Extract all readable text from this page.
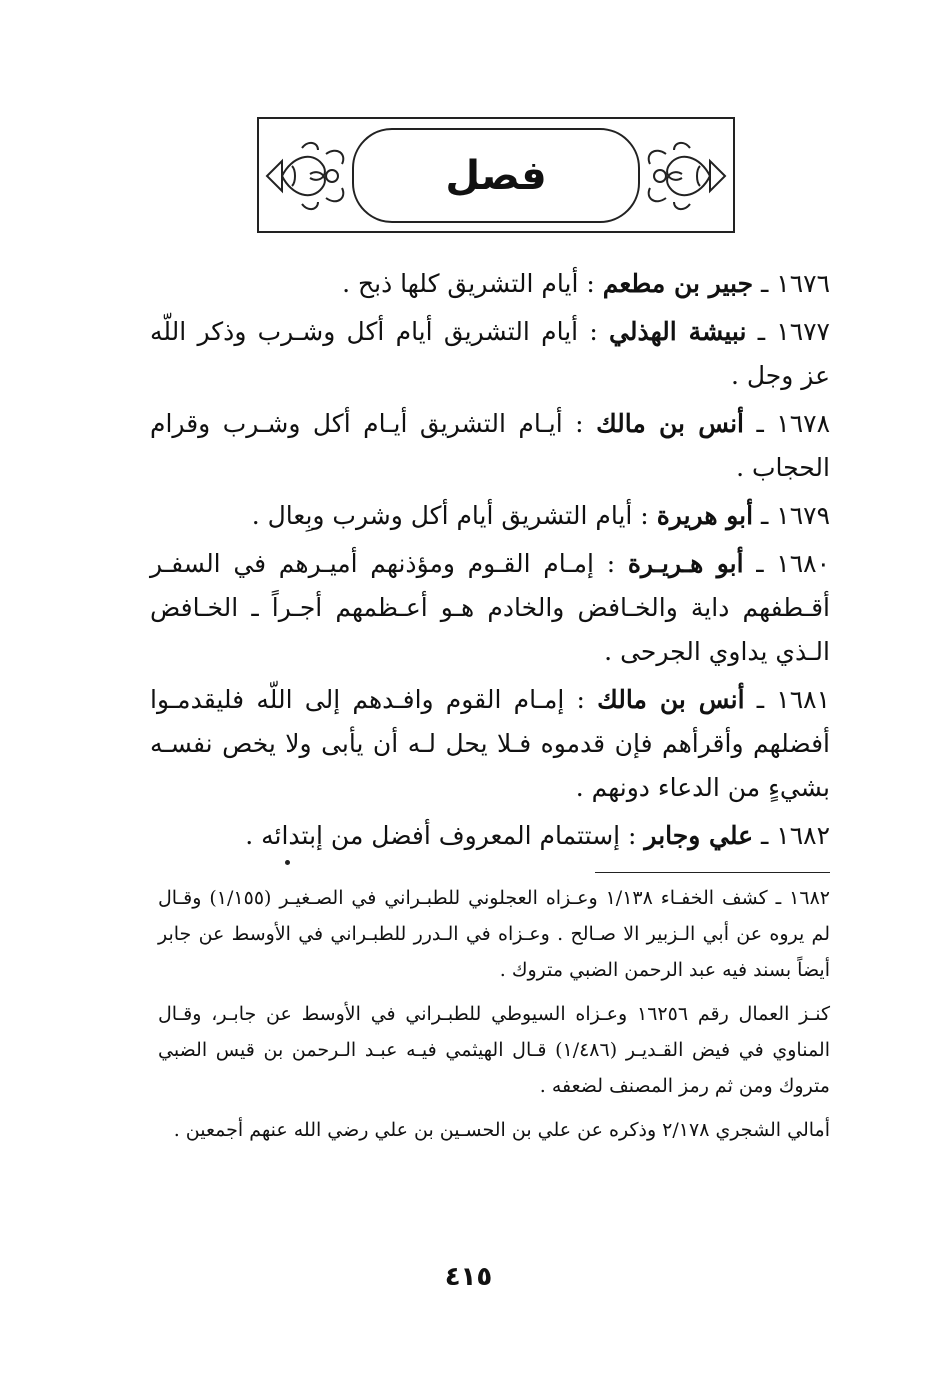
فصل

١٦٧٦ ـ جبير بن مطعم : أيام التشريق كلها ذبح .

١٦٧٧ ـ نبيشة الهذلي : أيام التشريق أيام أكل وشـرب وذكر اللّه عز وجل .

١٦٧٨ ـ أنس بن مالك : أيـام التشريق أيـام أكل وشـرب وقرام الحجاب .

١٦٧٩ ـ أبو هريرة : أيام التشريق أيام أكل وشرب وبِعال .

١٦٨٠ ـ أبو هـريـرة : إمـام القـوم ومؤذنهم أميـرهم في السفـر أقـطفهم داية والخـافض والخادم هـو أعـظمهم أجـراً ـ الخـافض الـذي يداوي الجرحى .

١٦٨١ ـ أنس بن مالك : إمـام القوم وافـدهم إلى اللّه فليقدمـوا أفضلهم وأقرأهم فإن قدموه فـلا يحل لـه أن يأبى ولا يخص نفسـه بشيءٍ من الدعاء دونهم .

١٦٨٢ ـ علي وجابر : إستتمام المعروف أفضل من إبتدائه .

١٦٨٢ ـ كشف الخفـاء ١/١٣٨ وعـزاه العجلوني للطبـراني في الصـغيـر (١/١٥٥) وقـال لم يروه عن أبي الـزبير الا صـالح . وعـزاه في الـدرر للطبـراني في الأوسط عن جابر أيضاً بسند فيه عبد الرحمن الضبي متروك .

كنـز العمال رقم ١٦٢٥٦ وعـزاه السيوطي للطبـراني في الأوسط عن جابـر، وقـال المناوي في فيض القـديـر (١/٤٨٦) قـال الهيثمي فيـه عبـد الـرحمن بن قيس الضبي متروك ومن ثم رمز المصنف لضعفه .

أمالي الشجري ٢/١٧٨ وذكره عن علي بن الحسـين بن علي رضي الله عنهم أجمعين .

٤١٥
